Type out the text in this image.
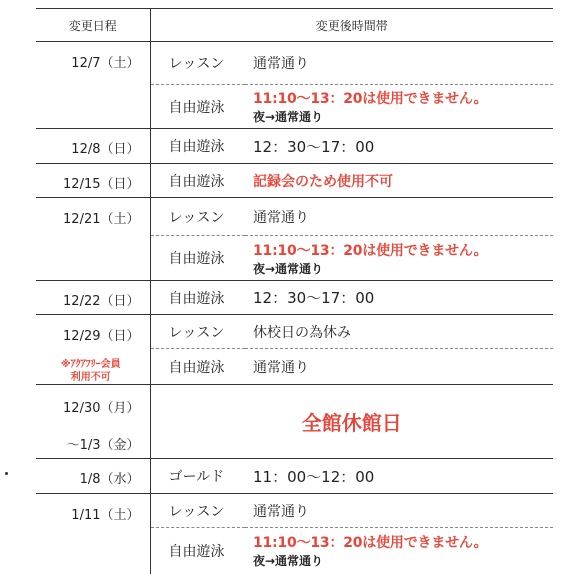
変更日程	変更後時間帯	
12/7（土）	レッスン	通常通り
	自由遊泳	11:10〜13：20は使用できません。
夜→通常通り

12/8（日）	自由遊泳	12：30〜17：00
12/15（日）	自由遊泳	記録会のため使用不可
12/21（土）	レッスン	通常通り
	自由遊泳	11:10〜13：20は使用できません。
夜→通常通り

12/22（日）	自由遊泳	12：30〜17：00
12/29（日）
※ｱｸｱﾌﾘｰ会員
利用不可	レッスン	休校日の為休み
	自由遊泳	通常通り

12/30（月）
〜1/3（金）	全館休館日	
1/8（水）	ゴールド	11：00〜12：00
1/11（土）	レッスン	通常通り
	自由遊泳	11:10〜13：20は使用できません。
夜→通常通り
